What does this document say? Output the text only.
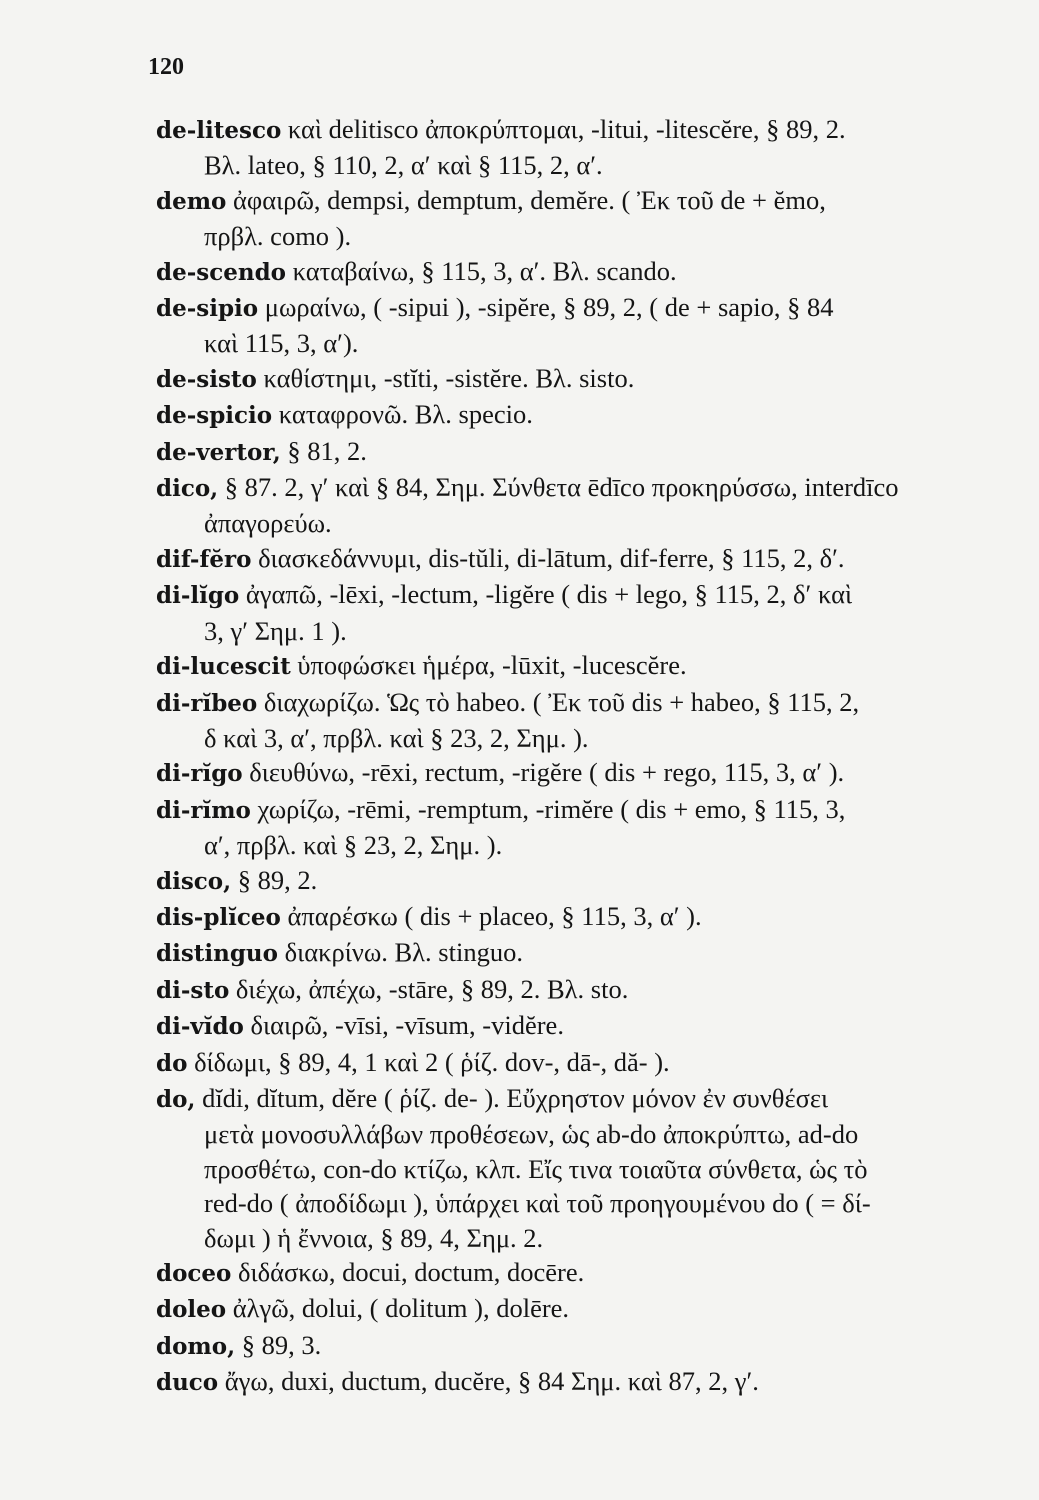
120

de-litesco καὶ delitisco ἀποκρύπτομαι, -litui, -litescĕre, § 89, 2.
Βλ. lateo, § 110, 2, α′ καὶ § 115, 2, α′.

demo ἀφαιρῶ, dempsi, demptum, demĕre. ( Ἐκ τοῦ de + ĕmo,
πρβλ. como ).

de-scendo καταβαίνω, § 115, 3, α′. Βλ. scando.

de-sipio μωραίνω, ( -sipui ), -sipĕre, § 89, 2, ( de + sapio, § 84
καὶ 115, 3, α′).

de-sisto καθίστημι, -stĭti, -sistĕre. Βλ. sisto.

de-spicio καταφρονῶ. Βλ. specio.

de-vertor, § 81, 2.

dico, § 87. 2, γ′ καὶ § 84, Σημ. Σύνθετα ēdīco προκηρύσσω, interdīco
ἀπαγορεύω.

dif-fĕro διασκεδάννυμι, dis-tŭli, di-lātum, dif-ferre, § 115, 2, δ′.

di-lĭgo ἀγαπῶ, -lēxi, -lectum, -ligĕre ( dis + lego, § 115, 2, δ′ καὶ
3, γ′ Σημ. 1 ).

di-lucescit ὑποφώσκει ἡμέρα, -lūxit, -lucescĕre.

di-rĭbeo διαχωρίζω. Ὡς τὸ habeo. ( Ἐκ τοῦ dis + habeo, § 115, 2,
δ καὶ 3, α′, πρβλ. καὶ § 23, 2, Σημ. ).

di-rĭgo διευθύνω, -rēxi, rectum, -rigĕre ( dis + rego, 115, 3, α′ ).

di-rĭmo χωρίζω, -rēmi, -remptum, -rimĕre ( dis + emo, § 115, 3,
α′, πρβλ. καὶ § 23, 2, Σημ. ).

disco, § 89, 2.

dis-plĭceo ἀπαρέσκω ( dis + placeo, § 115, 3, α′ ).

distinguo διακρίνω. Βλ. stinguo.

di-sto διέχω, ἀπέχω, -stāre, § 89, 2. Βλ. sto.

di-vĭdo διαιρῶ, -vīsi, -vīsum, -vidĕre.

do δίδωμι, § 89, 4, 1 καὶ 2 ( ῥίζ. dov-, dā-, dă- ).

do, dĭdi, dĭtum, dĕre ( ῥίζ. de- ). Εὔχρηστον μόνον ἐν συνθέσει
μετὰ μονοσυλλάβων προθέσεων, ὡς ab-do ἀποκρύπτω, ad-do
προσθέτω, con-do κτίζω, κλπ. Εἴς τινα τοιαῦτα σύνθετα, ὡς τὸ
red-do ( ἀποδίδωμι ), ὑπάρχει καὶ τοῦ προηγουμένου do ( = δί-
δωμι ) ἡ ἔννοια, § 89, 4, Σημ. 2.

doceo διδάσκω, docui, doctum, docēre.

doleo ἀλγῶ, dolui, ( dolitum ), dolēre.

domo, § 89, 3.

duco ἄγω, duxi, ductum, ducĕre, § 84 Σημ. καὶ 87, 2, γ′.
